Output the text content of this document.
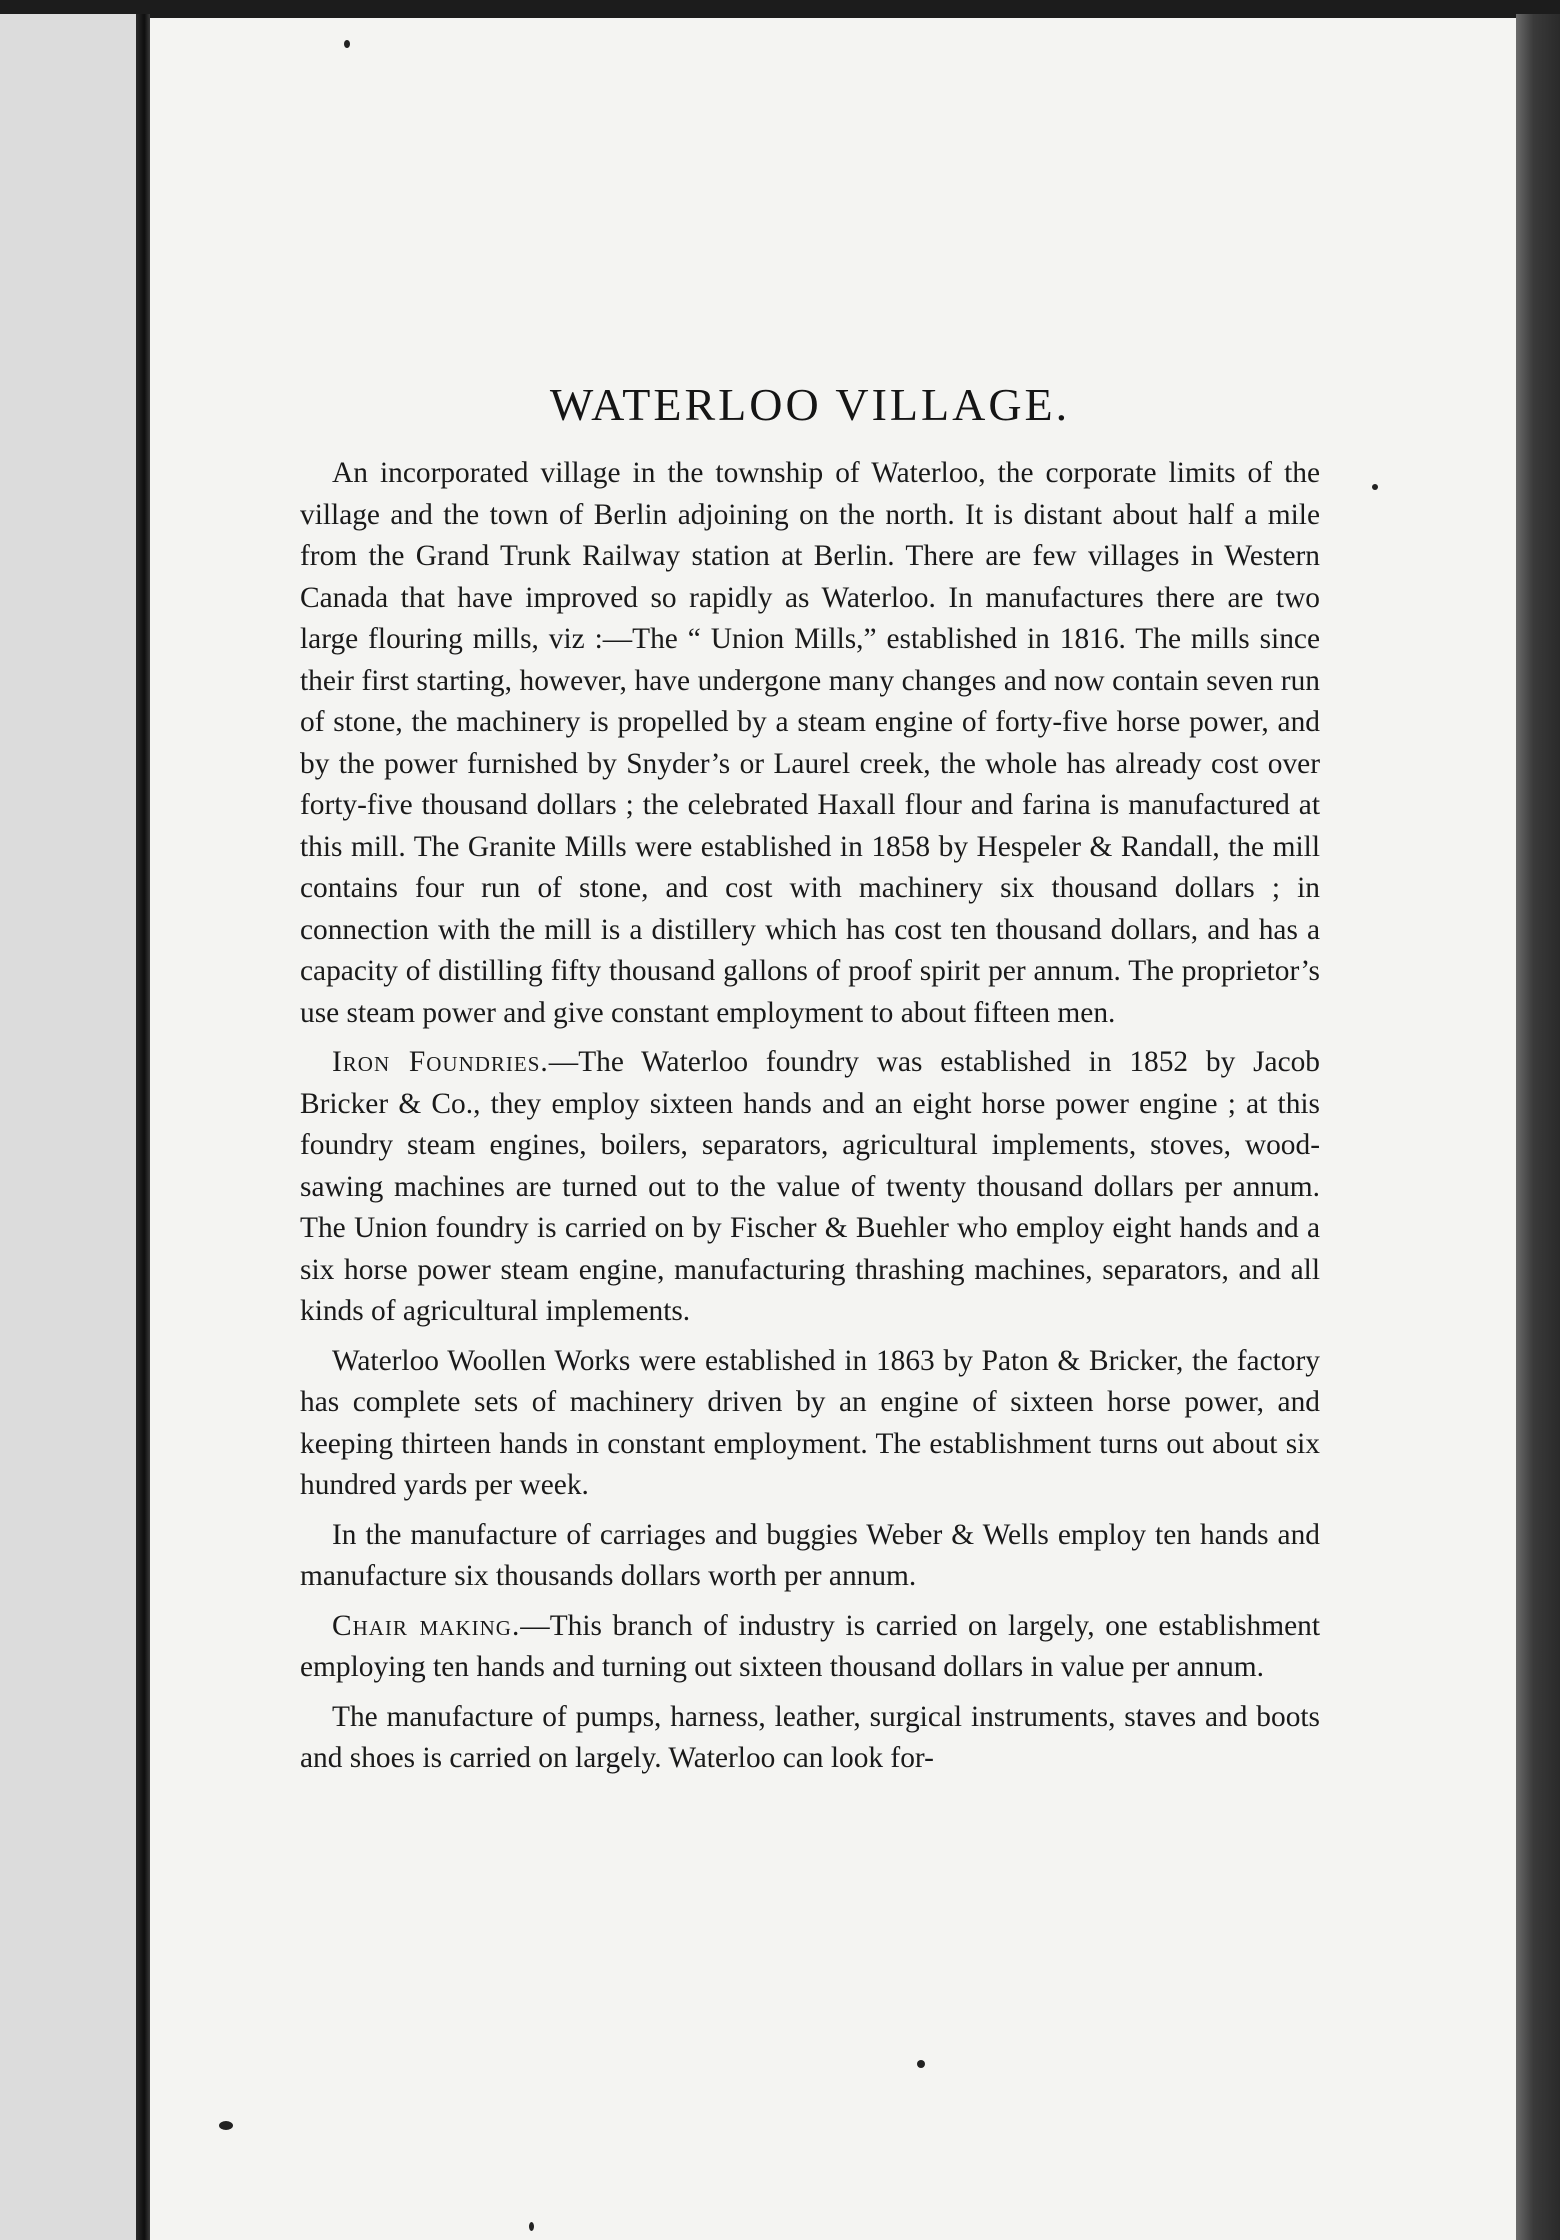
WATERLOO VILLAGE.

An incorporated village in the township of Waterloo, the corporate limits of the village and the town of Berlin adjoining on the north. It is distant about half a mile from the Grand Trunk Railway station at Berlin. There are few villages in Western Canada that have improved so rapidly as Waterloo. In manufactures there are two large flouring mills, viz :—The “ Union Mills,” established in 1816. The mills since their first starting, however, have undergone many changes and now contain seven run of stone, the machinery is propelled by a steam engine of forty-five horse power, and by the power furnished by Snyder’s or Laurel creek, the whole has already cost over forty-five thousand dollars ; the celebrated Haxall flour and farina is manufactured at this mill. The Granite Mills were established in 1858 by Hespeler & Randall, the mill contains four run of stone, and cost with machinery six thousand dollars ; in connection with the mill is a distillery which has cost ten thousand dollars, and has a capacity of distilling fifty thousand gallons of proof spirit per annum. The proprietor’s use steam power and give constant employment to about fifteen men.

Iron Foundries.—The Waterloo foundry was established in 1852 by Jacob Bricker & Co., they employ sixteen hands and an eight horse power engine ; at this foundry steam engines, boilers, separators, agricultural implements, stoves, wood-sawing machines are turned out to the value of twenty thousand dollars per annum. The Union foundry is carried on by Fischer & Buehler who employ eight hands and a six horse power steam engine, manufacturing thrashing machines, separators, and all kinds of agricultural implements.

Waterloo Woollen Works were established in 1863 by Paton & Bricker, the factory has complete sets of machinery driven by an engine of sixteen horse power, and keeping thirteen hands in constant employment. The establishment turns out about six hundred yards per week.

In the manufacture of carriages and buggies Weber & Wells employ ten hands and manufacture six thousands dollars worth per annum.

Chair making.—This branch of industry is carried on largely, one establishment employing ten hands and turning out sixteen thousand dollars in value per annum.

The manufacture of pumps, harness, leather, surgical instruments, staves and boots and shoes is carried on largely. Waterloo can look for-
